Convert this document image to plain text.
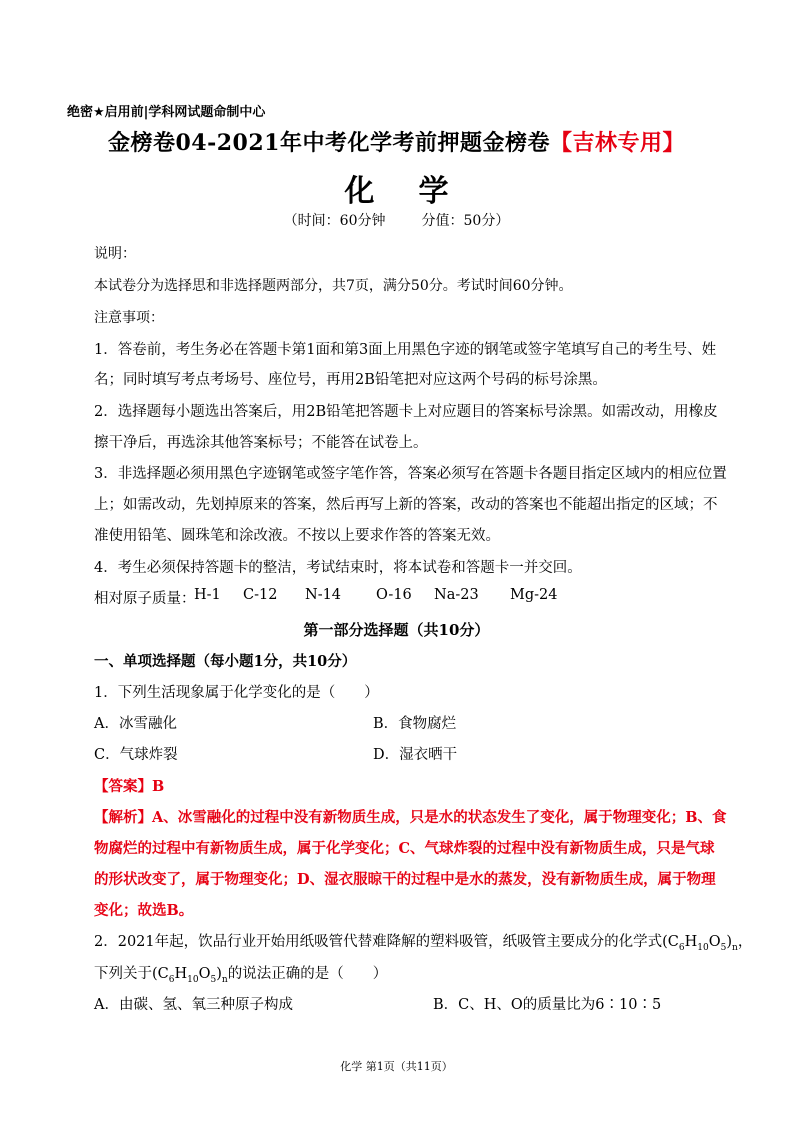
绝密★启用前|学科网试题命制中心
金榜卷04-2021年中考化学考前押题金榜卷【吉林专用】
化学
（时间：60分钟	分值：50分）
说明：
本试卷分为选择思和非选择题两部分，共7页，满分50分。考试时间60分钟。
注意事项：
1．答卷前，考生务必在答题卡第1面和第3面上用黑色字迹的钢笔或签字笔填写自己的考生号、姓
名；同时填写考点考场号、座位号，再用2B铅笔把对应这两个号码的标号涂黑。
2．选择题每小题选出答案后，用2B铅笔把答题卡上对应题目的答案标号涂黑。如需改动，用橡皮
擦干净后，再选涂其他答案标号；不能答在试卷上。
3．非选择题必须用黑色字迹钢笔或签字笔作答，答案必须写在答题卡各题目指定区域内的相应位置
上；如需改动，先划掉原来的答案，然后再写上新的答案，改动的答案也不能超出指定的区域；不
准使用铅笔、圆珠笔和涂改液。不按以上要求作答的答案无效。
4．考生必须保持答题卡的整洁，考试结束时，将本试卷和答题卡一并交回。
相对原子质量：
H-1 C-12 N-14 O-16 Na-23 Mg-24
第一部分选择题（共10分）
一、单项选择题（每小题1分，共10分）
1．下列生活现象属于化学变化的是（　　）
A．冰雪融化	B．食物腐烂
C．气球炸裂	D．湿衣晒干
【答案】B
【解析】A、冰雪融化的过程中没有新物质生成，只是水的状态发生了变化，属于物理变化；B、食
物腐烂的过程中有新物质生成，属于化学变化；C、气球炸裂的过程中没有新物质生成，只是气球
的形状改变了，属于物理变化；D、湿衣服晾干的过程中是水的蒸发，没有新物质生成，属于物理
变化；故选B。
2．2021年起，饮品行业开始用纸吸管代替难降解的塑料吸管，纸吸管主要成分的化学式$(C_6H_{10}O_5)_n$，
下列关于$(C_6H_{10}O_5)_n$的说法正确的是（　　）
A．由碳、氢、氧三种原子构成	B．C、H、O的质量比为6∶10∶5
化学 第1页（共11页）
